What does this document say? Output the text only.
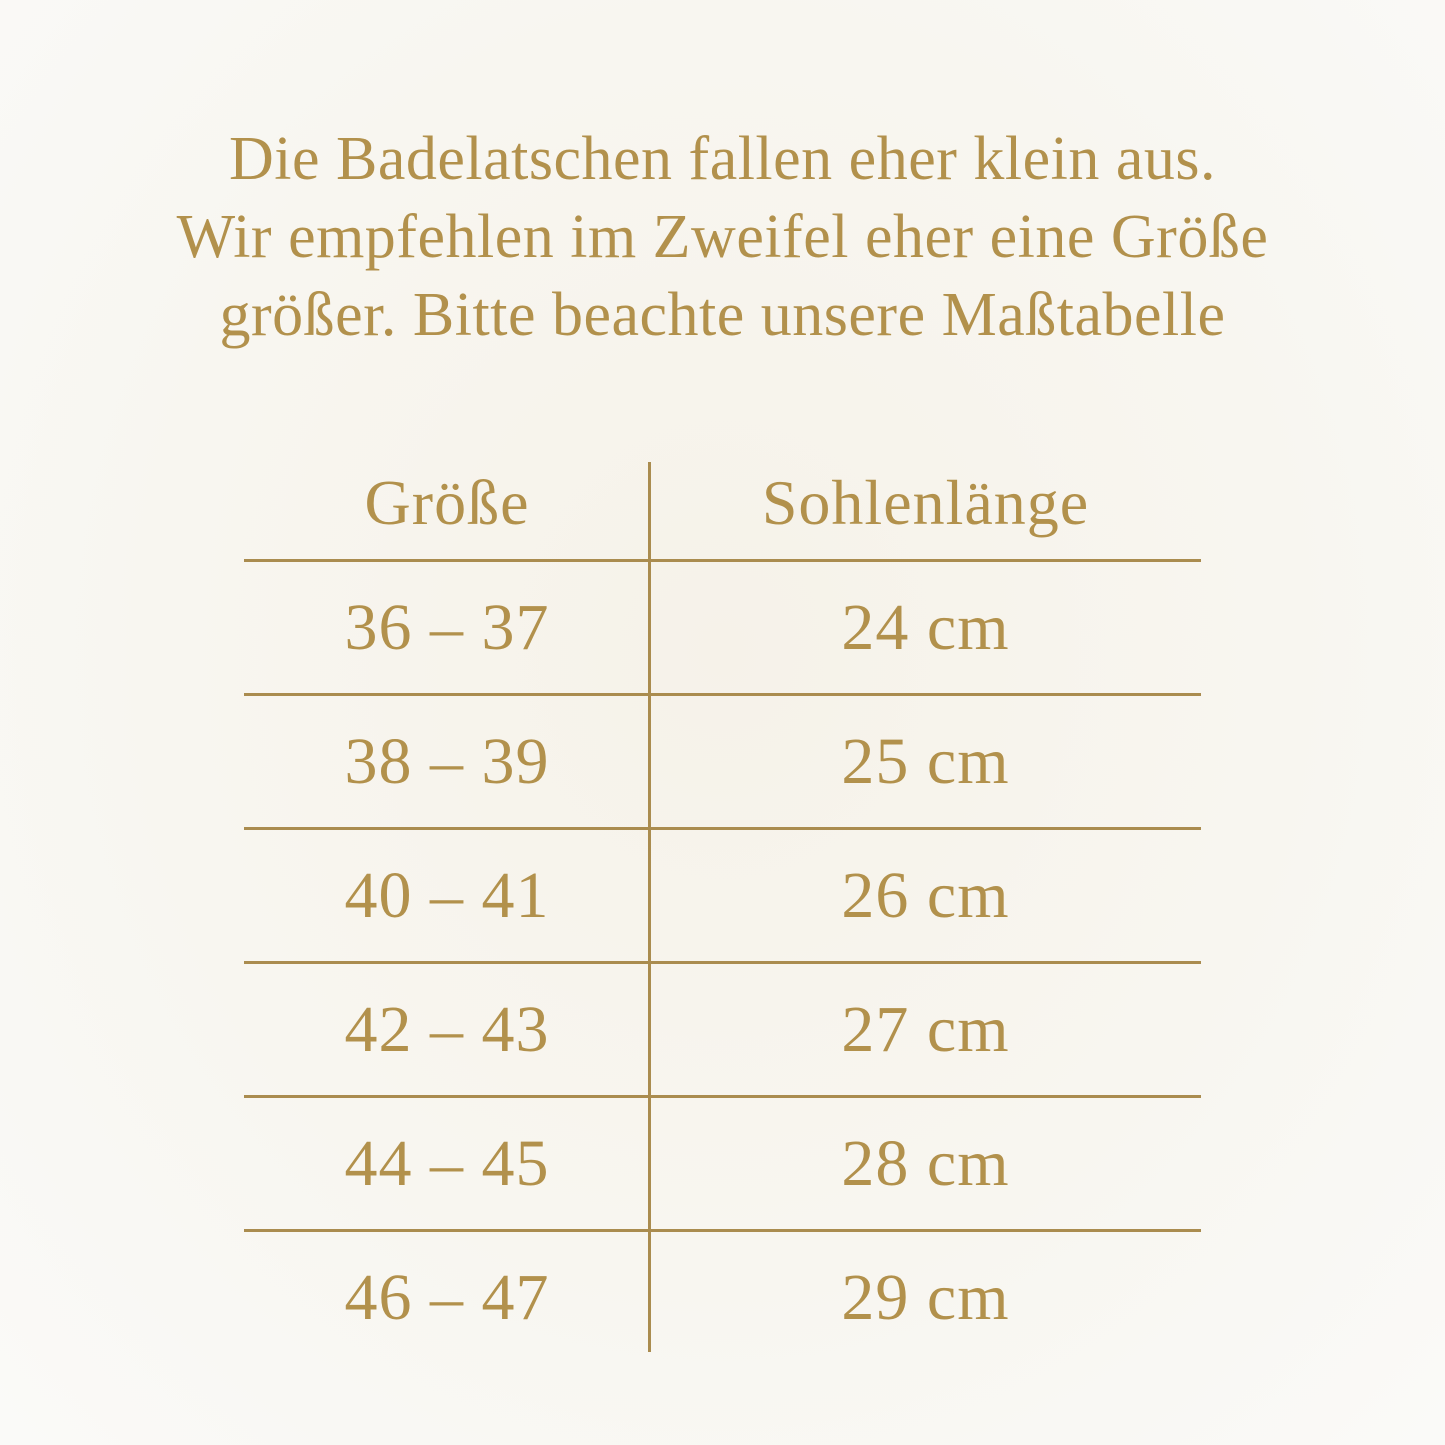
Die Badelatschen fallen eher klein aus.
Wir empfehlen im Zweifel eher eine Größe
größer. Bitte beachte unsere Maßtabelle
Größe	Sohlenlänge
36 – 37	24 cm
38 – 39	25 cm
40 – 41	26 cm
42 – 43	27 cm
44 – 45	28 cm
46 – 47	29 cm
